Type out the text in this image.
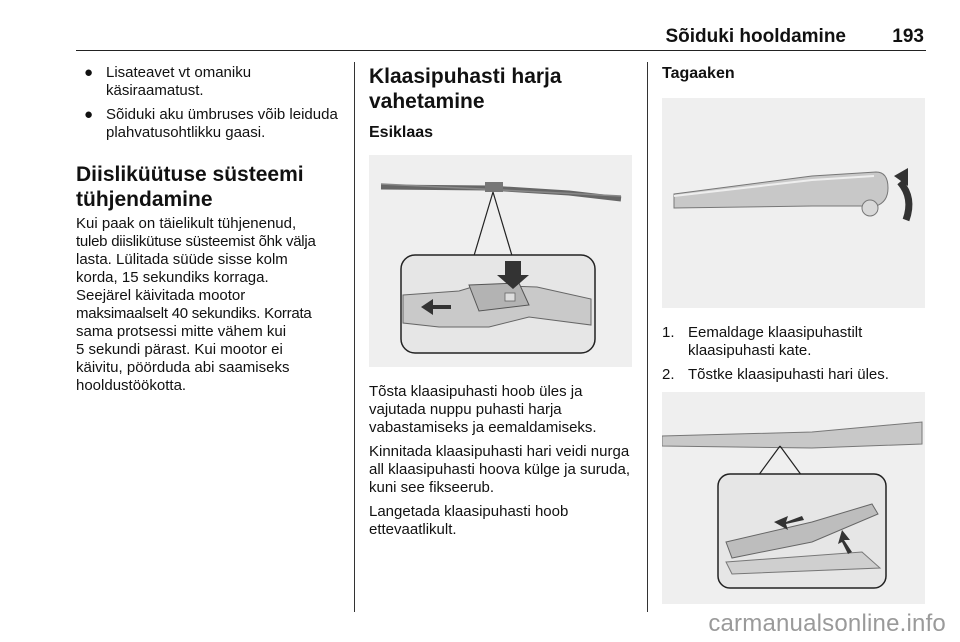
Sõiduki hooldamine 193
● Lisateavet vt omaniku käsiraamatust.
● Sõiduki aku ümbruses võib leiduda plahvatusohtlikku gaasi.

Diisliküütuse süsteemi tühjendamine

Kui paak on täielikult tühjenenud,
tuleb diislikütuse süsteemist õhk välja
lasta. Lülitada süüde sisse kolm
korda, 15 sekundiks korraga.
Seejärel käivitada mootor
maksimaalselt 40 sekundiks. Korrata
sama protsessi mitte vähem kui
5 sekundi pärast. Kui mootor ei
käivitu, pöörduda abi saamiseks
hooldustöökotta.

Klaasipuhasti harja vahetamine

Esiklaas

Tõsta klaasipuhasti hoob üles ja vajutada nuppu puhasti harja vabastamiseks ja eemaldamiseks.

Kinnitada klaasipuhasti hari veidi nurga all klaasipuhasti hoova külge ja suruda, kuni see fikseerub.

Langetada klaasipuhasti hoob ettevaatlikult.

Tagaaken

1. Eemaldage klaasipuhastilt klaasipuhasti kate.
2. Tõstke klaasipuhasti hari üles.
carmanualsonline.info
